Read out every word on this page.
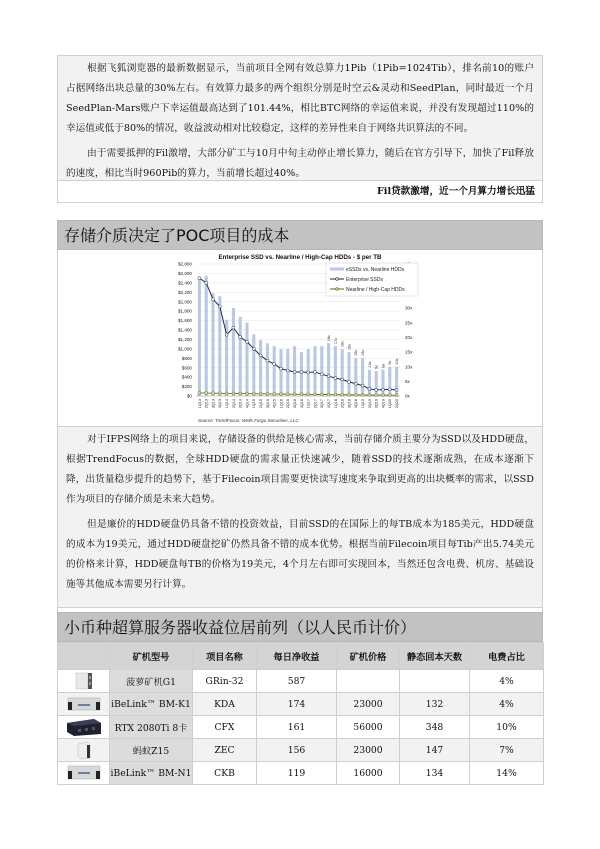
根据飞狐浏览器的最新数据显示，当前项目全网有效总算力1Pib（1Pib=1024Tib），排名前10的账户占据网络出块总量的30%左右。有效算力最多的两个组织分别是时空云&灵动和SeedPlan，同时最近一个月SeedPlan-Mars账户下幸运值最高达到了101.44%，相比BTC网络的幸运值来说，并没有发现超过110%的幸运值或低于80%的情况，收益波动相对比较稳定，这样的差异性来自于网络共识算法的不同。

由于需要抵押的Fil激增，大部分矿工与10月中旬主动停止增长算力，随后在官方引导下，加快了Fil释放的速度，相比当时960Pib的算力，当前增长超过40%。

Fil贷款激增，近一个月算力增长迅猛
存储介质决定了POC项目的成本
Enterprise SSD vs. Nearline / High-Cap HDDs - $ per TB
18x 17x 16x 16x
15x 13x
13x 9x 8x
9x 10x
$0
$200
$400
$600
$800
$1,000
$1,200
$1,400
$1,600
$1,800
$2,000
$2,200
$2,400
$2,600
$2,800
0x
5x
10x
15x
20x
25x
30x
1Q13 2Q13 3Q13 4Q13 1Q14 2Q14 3Q14 4Q14 1Q15 2Q15 3Q15 4Q15 1Q16 2Q16 3Q16 4Q16 1Q17 2Q17 3Q17 4Q17 1Q18 2Q18 3Q18 4Q18 1Q19 2Q19 3Q19 4Q19 1Q20 2Q20
eSSDs vs. Nearline HDDs
Enterprise SSDs
Nearline / High-Cap HDDs
Source: TrendFocus; Wells Fargo Securities, LLC

对于IFPS网络上的项目来说，存储设备的供给是核心需求，当前存储介质主要分为SSD以及HDD硬盘，根据TrendFocus的数据，全球HDD硬盘的需求量正快速减少，随着SSD的技术逐渐成熟，在成本逐渐下降，出货量稳步提升的趋势下，基于Filecoin项目需要更快读写速度来争取到更高的出块概率的需求，以SSD作为项目的存储介质是未来大趋势。

但是廉价的HDD硬盘仍具备不错的投资效益，目前SSD的在国际上的每TB成本为185美元，HDD硬盘的成本为19美元，通过HDD硬盘挖矿仍然具备不错的成本优势。根据当前Filecoin项目每Tib产出5.74美元的价格来计算，HDD硬盘每TB的价格为19美元，4个月左右即可实现回本，当然还包含电费、机房、基础设施等其他成本需要另行计算。

小币种超算服务器收益位居前列（以人民币计价）
	矿机型号	项目名称	每日净收益	矿机价格	静态回本天数	电费占比
	菠萝矿机G1	GRin-32	587			4%
	iBeLink™ BM-K1	KDA	174	23000	132	4%
	RTX 2080Ti 8卡	CFX	161	56000	348	10%
	蚂蚁Z15	ZEC	156	23000	147	7%
	iBeLink™ BM-N1	CKB	119	16000	134	14%
